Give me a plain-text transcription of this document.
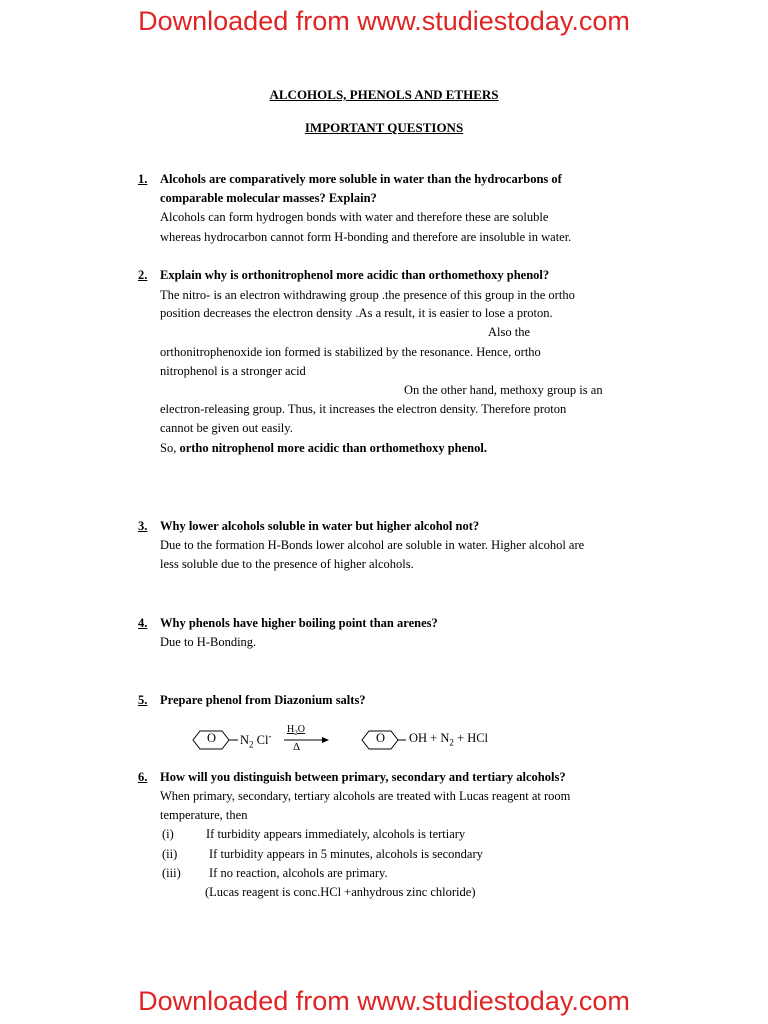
Downloaded from www.studiestoday.com
ALCOHOLS, PHENOLS AND ETHERS
IMPORTANT QUESTIONS
1. Alcohols are comparatively more soluble in water than the hydrocarbons of
comparable molecular masses? Explain?
Alcohols can form hydrogen bonds with water and therefore these are soluble
whereas hydrocarbon cannot form H-bonding and therefore are insoluble in water.
2. Explain why is orthonitrophenol more acidic than orthomethoxy phenol?
The nitro- is an electron withdrawing group .the presence of this group in the ortho
position decreases the electron density .As a result, it is easier to lose a proton.
Also the
orthonitrophenoxide ion formed is stabilized by the resonance. Hence, ortho
nitrophenol is a stronger acid
On the other hand, methoxy group is an
electron-releasing group. Thus, it increases the electron density. Therefore proton
cannot be given out easily.
So, ortho nitrophenol more acidic than orthomethoxy phenol.
3. Why lower alcohols soluble in water but higher alcohol not?
Due to the formation H-Bonds lower alcohol are soluble in water. Higher alcohol are
less soluble due to the presence of higher alcohols.
4. Why phenols have higher boiling point than arenes?
Due to H-Bonding.
5. Prepare phenol from Diazonium salts?
O $N_2$ Cl-
$H_2O$
Δ
O OH + $N_2$ + HCl
6. How will you distinguish between primary, secondary and tertiary alcohols?
When primary, secondary, tertiary alcohols are treated with Lucas reagent at room
temperature, then
(i)	If turbidity appears immediately, alcohols is tertiary
(ii)	If turbidity appears in 5 minutes, alcohols is secondary
(iii) If no reaction, alcohols are primary.
(Lucas reagent is conc.HCl +anhydrous zinc chloride)
Downloaded from www.studiestoday.com
